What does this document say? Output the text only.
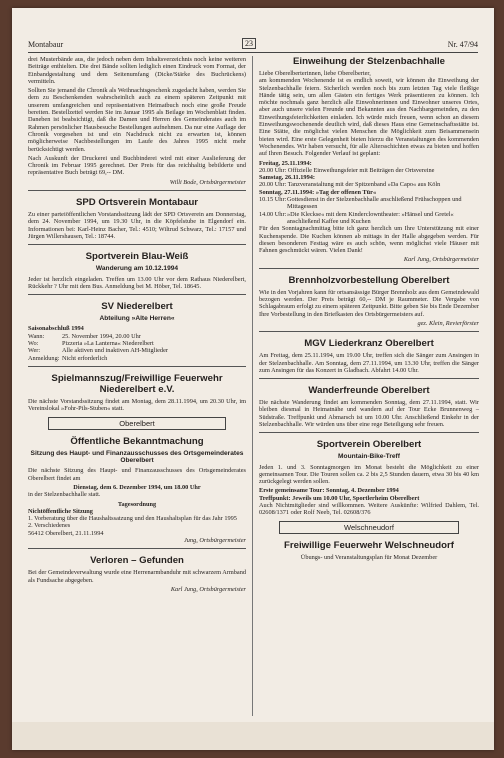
Montabaur	23	Nr. 47/94

drei Musterbände aus, die jedoch neben dem Inhaltsverzeichnis noch keine weiteren Beiträge enthielten. Die drei Bände sollten lediglich einen Eindruck vom Format, der Einbandgestaltung und dem Seitenumfang (Dicke/Stärke des Buchrückens) vermitteln.

Sollten Sie jemand die Chronik als Weihnachtsgeschenk zugedacht haben, werden Sie dem zu Beschenkenden wahrscheinlich auch zu einem späteren Zeitpunkt mit unserem umfangreichen und repräsentativen Heimatbuch noch eine große Freude bereiten. Bestellzettel werden Sie im Januar 1995 als Beilage im Wochenblatt finden. Daneben ist beabsichtigt, daß die Damen und Herren des Gemeinderates auch im Rahmen persönlicher Hausbesuche Bestellungen aufnehmen. Da nur eine Auflage der Chronik vorgesehen ist und ein Nachdruck nicht zu erwarten ist, können möglicherweise Nachbestellungen im Laufe des Jahres 1995 nicht mehr berücksichtigt werden.

Nach Auskunft der Druckerei und Buchbinderei wird mit einer Auslieferung der Chronik im Februar 1995 gerechnet. Der Preis für das reichhaltig bebilderte und repräsentative Buch beträgt 69,-- DM.

Willi Bode, Ortsbürgermeister
SPD Ortsverein Montabaur

Zu einer parteiöffentlichen Vorstandssitzung lädt der SPD Ortsverein am Donnerstag, dem 24. November 1994, um 19.30 Uhr, in die Köpfelstube in Elgendorf ein. Informationen bei: Karl-Heinz Bacher, Tel.: 4510; Wiltrud Schwarz, Tel.: 17157 und Jürgen Willershausen, Tel.: 18744.

Sportverein Blau-Weiß
Wanderung am 10.12.1994

Jeder ist herzlich eingeladen. Treffen um 13.00 Uhr vor dem Rathaus Niederelbert, Rückkehr ? Uhr mit dem Bus. Anmeldung bei M. Höber, Tel. 18645.

SV Niederelbert
Abteilung »Alte Herren«
Saisonabschluß 1994
Wann:	25. November 1994, 20.00 Uhr
Wo:	Pizzeria »La Lanterna« Niederelbert
Wer:	Alle aktiven und inaktiven AH-Mitglieder
Anmeldung: Nicht erforderlich
Spielmannszug/Freiwillige Feuerwehr Niederelbert e.V.

Die nächste Vorstandssitzung findet am Montag, dem 28.11.1994, um 20.30 Uhr, im Vereinslokal »Fohr-Pils-Stuben« statt.

Oberelbert
Öffentliche Bekanntmachung
Sitzung des Haupt- und Finanzausschusses des Ortsgemeinderates Oberelbert

Die nächste Sitzung des Haupt- und Finanzausschusses des Ortsgemeinderates Oberelbert findet am

Dienstag, dem 6. Dezember 1994, um 18.00 Uhr

in der Stelzenbachhalle statt.

Tagesordnung
Nichtöffentliche Sitzung
1. Vorberatung über die Haushaltssatzung und den Haushaltsplan für das Jahr 1995
2. Verschiedenes
56412 Oberelbert, 21.11.1994
Jung, Ortsbürgermeister
Verloren – Gefunden

Bei der Gemeindeverwaltung wurde eine Herrenarmbanduhr mit schwarzem Armband als Fundsache abgegeben.

Karl Jung, Ortsbürgermeister
Einweihung der Stelzenbachhalle
Liebe Oberelberterinnen, liebe Oberelberter,

am kommenden Wochenende ist es endlich soweit, wir können die Einweihung der Stelzenbachhalle feiern. Sicherlich werden noch bis zum letzten Tag viele fleißige Hände tätig sein, um allen Gästen ein fertiges Werk präsentieren zu können. Ich möchte nochmals ganz herzlich alle Einwohnerinnen und Einwohner unseres Ortes, aber auch unsere vielen Freunde und Bekannten aus den Nachbargemeinden, zu den Einweihungsfeierlichkeiten einladen. Ich würde mich freuen, wenn schon an diesem Einweihungswochenende deutlich wird, daß dieses Haus eine Gemeinschaftsstätte ist. Eine Stätte, die möglichst vielen Menschen die Möglichkeit zum Beisammensein bieten wird. Eine erste Gelegenheit bieten hierzu die Veranstaltungen des kommenden Wochenendes. Wir haben versucht, für alle Altersschichten etwas zu bieten und hoffen auf Ihren Besuch. Folgender Verlauf ist geplant:

Freitag, 25.11.1994:
20.00 Uhr: Offizielle Einweihungsfeier mit Beiträgen der Ortsvereine
Samstag, 26.11.1994:
20.00 Uhr: Tanzveranstaltung mit der Spitzenband »Da Capo« aus Köln
Sonntag, 27.11.1994: »Tag der offenen Tür«
10.15 Uhr: Gottesdienst in der Stelzenbachhalle anschließend Frühschoppen und Mittagessen
14.00 Uhr: »Die Kleckse« mit dem Kinderclowntheater: »Hänsel und Gretel« anschließend Kaffee und Kuchen

Für den Sonntagnachmittag bitte ich ganz herzlich um Ihre Unterstützung mit einer Kuchenspende. Die Kuchen können ab mittags in der Halle abgegeben werden. Für diesen besonderen Festtag wäre es auch schön, wenn möglichst viele Häuser mit Fahnen geschmückt wären. Vielen Dank!

Karl Jung, Ortsbürgermeister
Brennholzvorbestellung Oberelbert

Wie in den Vorjahren kann für ortsansässige Bürger Brennholz aus dem Gemeindewald bezogen werden. Der Preis beträgt 60,-- DM je Raummeter. Die Vergabe von Schlagabraum erfolgt zu einem späteren Zeitpunkt. Bitte geben Sie bis Ende Dezember Ihre Vorbestellung in den Briefkasten des Ortsbürgermeisters auf.

gez. Klein, Revierförster
MGV Liederkranz Oberelbert

Am Freitag, dem 25.11.1994, um 19.00 Uhr, treffen sich die Sänger zum Ansingen in der Stelzenbachhalle. Am Sonntag, dem 27.11.1994, um 13.30 Uhr, treffen die Sänger zum Ansingen für das Konzert in Gladbach. Abfahrt 14.00 Uhr.

Wanderfreunde Oberelbert

Die nächste Wanderung findet am kommenden Sonntag, dem 27.11.1994, statt. Wir bleiben diesmal in Heimatnähe und wandern auf der Tour Ecke Brunnenweg – Südstraße. Treffpunkt und Abmarsch ist um 10.00 Uhr. Anschließend Einkehr in der Stelzenbachhalle. Wir würden uns über eine rege Beteiligung sehr freuen.

Sportverein Oberelbert
Mountain-Bike-Treff

Jeden 1. und 3. Sonntagmorgen im Monat besteht die Möglichkeit zu einer gemeinsamen Tour. Die Touren sollen ca. 2 bis 2,5 Stunden dauern, etwa 30 bis 40 km zurückgelegt werden sollen.

Erste gemeinsame Tour: Sonntag, 4. Dezember 1994
Treffpunkt: Jeweils um 10.00 Uhr, Sportlerheim Oberelbert

Auch Nichtmitglieder sind willkommen. Weitere Auskünfte: Wilfried Dahlem, Tel. 02608/1371 oder Rolf Neeb, Tel. 02608/376

Welschneudorf
Freiwillige Feuerwehr Welschneudorf
Übungs- und Veranstaltungsplan für Monat Dezember
